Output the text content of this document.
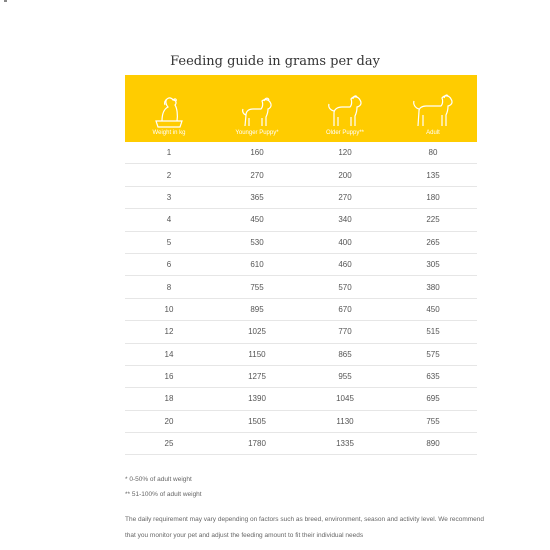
Feeding guide in grams per day
Weight in kg	Younger Puppy*	Older Puppy**	Adult
1	160	120	80
2	270	200	135
3	365	270	180
4	450	340	225
5	530	400	265
6	610	460	305
8	755	570	380
10	895	670	450
12	1025	770	515
14	1150	865	575
16	1275	955	635
18	1390	1045	695
20	1505	1130	755
25	1780	1335	890
* 0-50% of adult weight
** 51-100% of adult weight
The daily requirement may vary depending on factors such as breed, environment, season and activity level. We recommend that you monitor your pet and adjust the feeding amount to fit their individual needs
